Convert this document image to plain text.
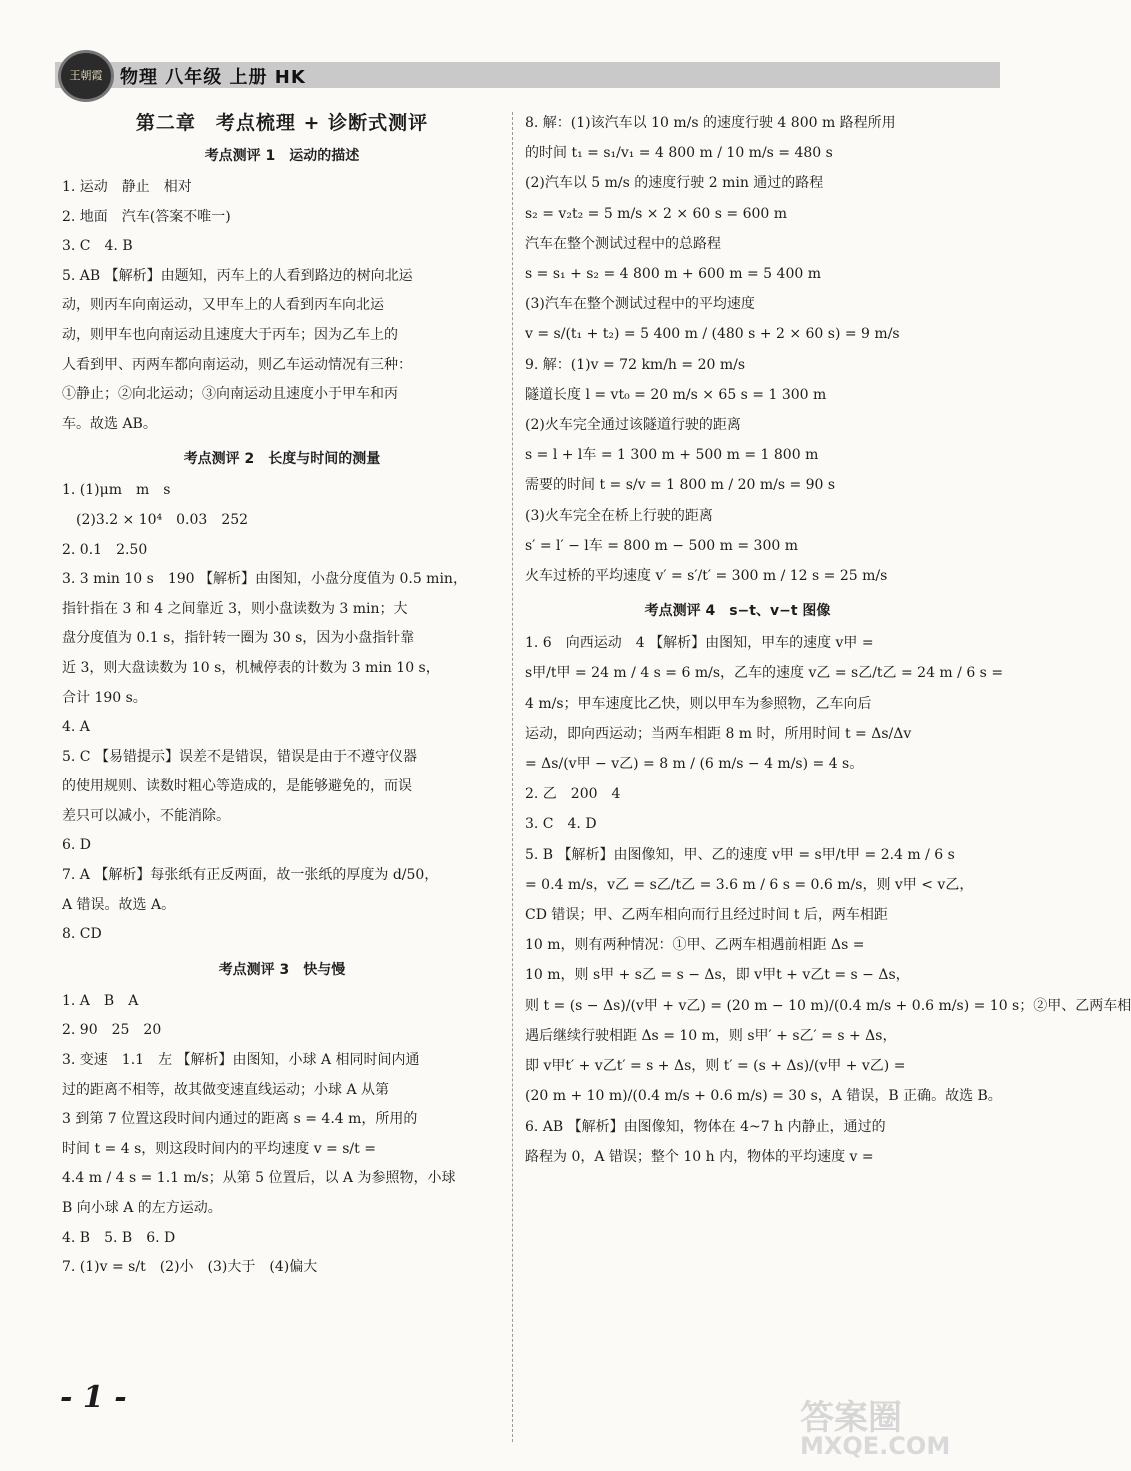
王朝霞 物理 八年级 上册 HK
第二章　考点梳理 + 诊断式测评
考点测评 1　运动的描述
1. 运动　静止　相对
2. 地面　汽车(答案不唯一)
3. C　4. B
5. AB 【解析】由题知，丙车上的人看到路边的树向北运
动，则丙车向南运动，又甲车上的人看到丙车向北运
动，则甲车也向南运动且速度大于丙车；因为乙车上的
人看到甲、丙两车都向南运动，则乙车运动情况有三种：
①静止；②向北运动；③向南运动且速度小于甲车和丙
车。故选 AB。
考点测评 2　长度与时间的测量
1. (1)μm　m　s
　(2)3.2 × 10⁴　0.03　252
2. 0.1　2.50
3. 3 min 10 s　190 【解析】由图知，小盘分度值为 0.5 min，
指针指在 3 和 4 之间靠近 3，则小盘读数为 3 min；大
盘分度值为 0.1 s，指针转一圈为 30 s，因为小盘指针靠
近 3，则大盘读数为 10 s，机械停表的计数为 3 min 10 s，
合计 190 s。
4. A
5. C 【易错提示】误差不是错误，错误是由于不遵守仪器
的使用规则、读数时粗心等造成的，是能够避免的，而误
差只可以减小，不能消除。
6. D
7. A 【解析】每张纸有正反两面，故一张纸的厚度为 d/50，
A 错误。故选 A。
8. CD
考点测评 3　快与慢
1. A　B　A
2. 90　25　20
3. 变速　1.1　左 【解析】由图知，小球 A 相同时间内通
过的距离不相等，故其做变速直线运动；小球 A 从第
3 到第 7 位置这段时间内通过的距离 s = 4.4 m，所用的
时间 t = 4 s，则这段时间内的平均速度 v = s/t =
4.4 m / 4 s = 1.1 m/s；从第 5 位置后，以 A 为参照物，小球
B 向小球 A 的左方运动。
4. B　5. B　6. D
7. (1)v = s/t　(2)小　(3)大于　(4)偏大
8. 解：(1)该汽车以 10 m/s 的速度行驶 4 800 m 路程所用
的时间 t₁ = s₁/v₁ = 4 800 m / 10 m/s = 480 s
(2)汽车以 5 m/s 的速度行驶 2 min 通过的路程
s₂ = v₂t₂ = 5 m/s × 2 × 60 s = 600 m
汽车在整个测试过程中的总路程
s = s₁ + s₂ = 4 800 m + 600 m = 5 400 m
(3)汽车在整个测试过程中的平均速度
v = s/(t₁ + t₂) = 5 400 m / (480 s + 2 × 60 s) = 9 m/s
9. 解：(1)v = 72 km/h = 20 m/s
隧道长度 l = vt₀ = 20 m/s × 65 s = 1 300 m
(2)火车完全通过该隧道行驶的距离
s = l + l车 = 1 300 m + 500 m = 1 800 m
需要的时间 t = s/v = 1 800 m / 20 m/s = 90 s
(3)火车完全在桥上行驶的距离
s′ = l′ − l车 = 800 m − 500 m = 300 m
火车过桥的平均速度 v′ = s′/t′ = 300 m / 12 s = 25 m/s
考点测评 4　s−t、v−t 图像
1. 6　向西运动　4 【解析】由图知，甲车的速度 v甲 =
s甲/t甲 = 24 m / 4 s = 6 m/s，乙车的速度 v乙 = s乙/t乙 = 24 m / 6 s =
4 m/s；甲车速度比乙快，则以甲车为参照物，乙车向后
运动，即向西运动；当两车相距 8 m 时，所用时间 t = Δs/Δv
= Δs/(v甲 − v乙) = 8 m / (6 m/s − 4 m/s) = 4 s。
2. 乙　200　4
3. C　4. D
5. B 【解析】由图像知，甲、乙的速度 v甲 = s甲/t甲 = 2.4 m / 6 s
= 0.4 m/s，v乙 = s乙/t乙 = 3.6 m / 6 s = 0.6 m/s，则 v甲 < v乙，
CD 错误；甲、乙两车相向而行且经过时间 t 后，两车相距
10 m，则有两种情况：①甲、乙两车相遇前相距 Δs =
10 m，则 s甲 + s乙 = s − Δs，即 v甲t + v乙t = s − Δs，
则 t = (s − Δs)/(v甲 + v乙) = (20 m − 10 m)/(0.4 m/s + 0.6 m/s) = 10 s；②甲、乙两车相
遇后继续行驶相距 Δs = 10 m，则 s甲′ + s乙′ = s + Δs，
即 v甲t′ + v乙t′ = s + Δs，则 t′ = (s + Δs)/(v甲 + v乙) =
(20 m + 10 m)/(0.4 m/s + 0.6 m/s) = 30 s，A 错误，B 正确。故选 B。
6. AB 【解析】由图像知，物体在 4~7 h 内静止，通过的
路程为 0，A 错误；整个 10 h 内，物体的平均速度 v =
- 1 -
答案圈
MXQE.COM
